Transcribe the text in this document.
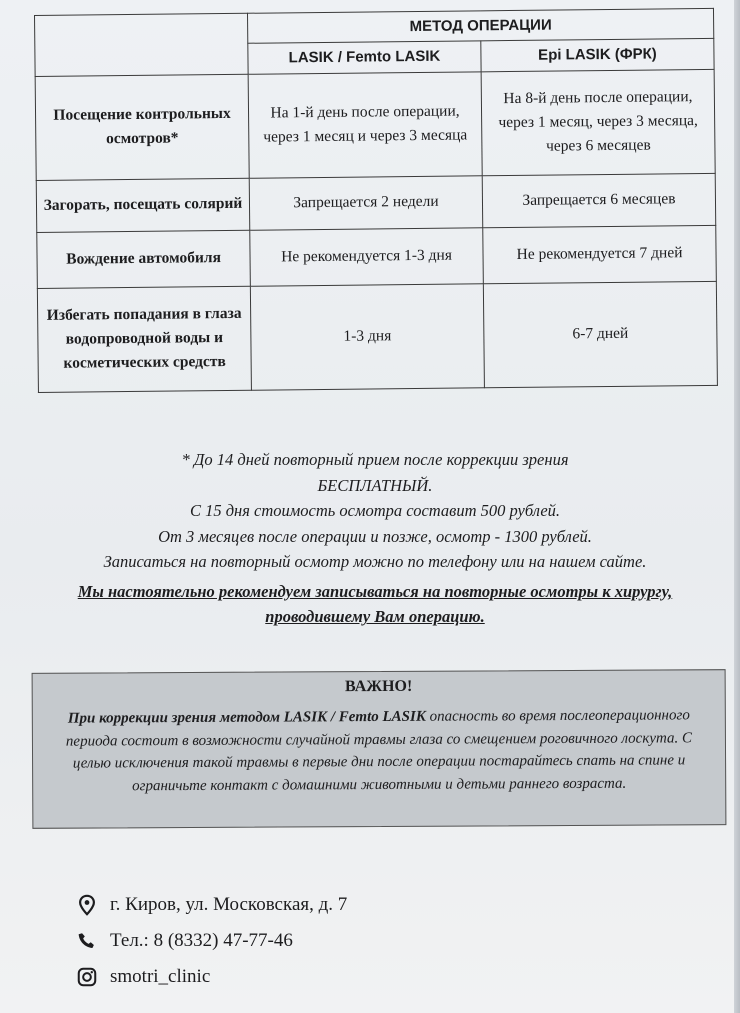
	МЕТОД ОПЕРАЦИИ	
	LASIK / Femto LASIK	Epi LASIK (ФРК)
Посещение контрольных осмотров*	На 1-й день после операции, через 1 месяц и через 3 месяца	На 8-й день после операции, через 1 месяц, через 3 месяца, через 6 месяцев
Загорать, посещать солярий	Запрещается 2 недели	Запрещается 6 месяцев
Вождение автомобиля	Не рекомендуется 1-3 дня	Не рекомендуется 7 дней
Избегать попадания в глаза водопроводной воды и косметических средств	1-3 дня	6-7 дней

* До 14 дней повторный прием после коррекции зрения

БЕСПЛАТНЫЙ.

С 15 дня стоимость осмотра составит 500 рублей.

От 3 месяцев после операции и позже, осмотр - 1300 рублей.

Записаться на повторный осмотр можно по телефону или на нашем сайте.

Мы настоятельно рекомендуем записываться на повторные осмотры к хирургу, проводившему Вам операцию.

ВАЖНО!
При коррекции зрения методом LASIK / Femto LASIK опасность во время послеоперационного периода состоит в возможности случайной травмы глаза со смещением роговичного лоскута. С целью исключения такой травмы в первые дни после операции постарайтесь спать на спине и ограничьте контакт с домашними животными и детьми раннего возраста.
г. Киров, ул. Московская, д. 7
Тел.: 8 (8332) 47-77-46
smotri_clinic
